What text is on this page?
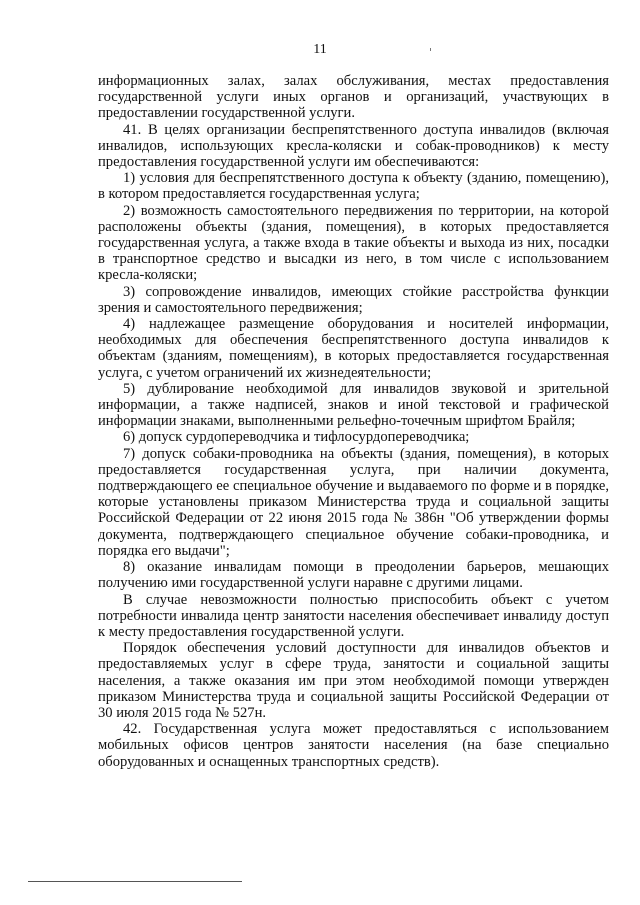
11

информационных залах, залах обслуживания, местах предоставления государственной услуги иных органов и организаций, участвующих в предоставлении государственной услуги.

41. В целях организации беспрепятственного доступа инвалидов (включая инвалидов, использующих кресла-коляски и собак-проводников) к месту предоставления государственной услуги им обеспечиваются:

1) условия для беспрепятственного доступа к объекту (зданию, помещению), в котором предоставляется государственная услуга;

2) возможность самостоятельного передвижения по территории, на которой расположены объекты (здания, помещения), в которых предоставляется государственная услуга, а также входа в такие объекты и выхода из них, посадки в транспортное средство и высадки из него, в том числе с использованием кресла-коляски;

3) сопровождение инвалидов, имеющих стойкие расстройства функции зрения и самостоятельного передвижения;

4) надлежащее размещение оборудования и носителей информации, необходимых для обеспечения беспрепятственного доступа инвалидов к объектам (зданиям, помещениям), в которых предоставляется государственная услуга, с учетом ограничений их жизнедеятельности;

5) дублирование необходимой для инвалидов звуковой и зрительной информации, а также надписей, знаков и иной текстовой и графической информации знаками, выполненными рельефно-точечным шрифтом Брайля;

6) допуск сурдопереводчика и тифлосурдопереводчика;

7) допуск собаки-проводника на объекты (здания, помещения), в которых предоставляется государственная услуга, при наличии документа, подтверждающего ее специальное обучение и выдаваемого по форме и в порядке, которые установлены приказом Министерства труда и социальной защиты Российской Федерации от 22 июня 2015 года № 386н "Об утверждении формы документа, подтверждающего специальное обучение собаки-проводника, и порядка его выдачи";

8) оказание инвалидам помощи в преодолении барьеров, мешающих получению ими государственной услуги наравне с другими лицами.

В случае невозможности полностью приспособить объект с учетом потребности инвалида центр занятости населения обеспечивает инвалиду доступ к месту предоставления государственной услуги.

Порядок обеспечения условий доступности для инвалидов объектов и предоставляемых услуг в сфере труда, занятости и социальной защиты населения, а также оказания им при этом необходимой помощи утвержден приказом Министерства труда и социальной защиты Российской Федерации от 30 июля 2015 года № 527н.

42. Государственная услуга может предоставляться с использованием мобильных офисов центров занятости населения (на базе специально оборудованных и оснащенных транспортных средств).
